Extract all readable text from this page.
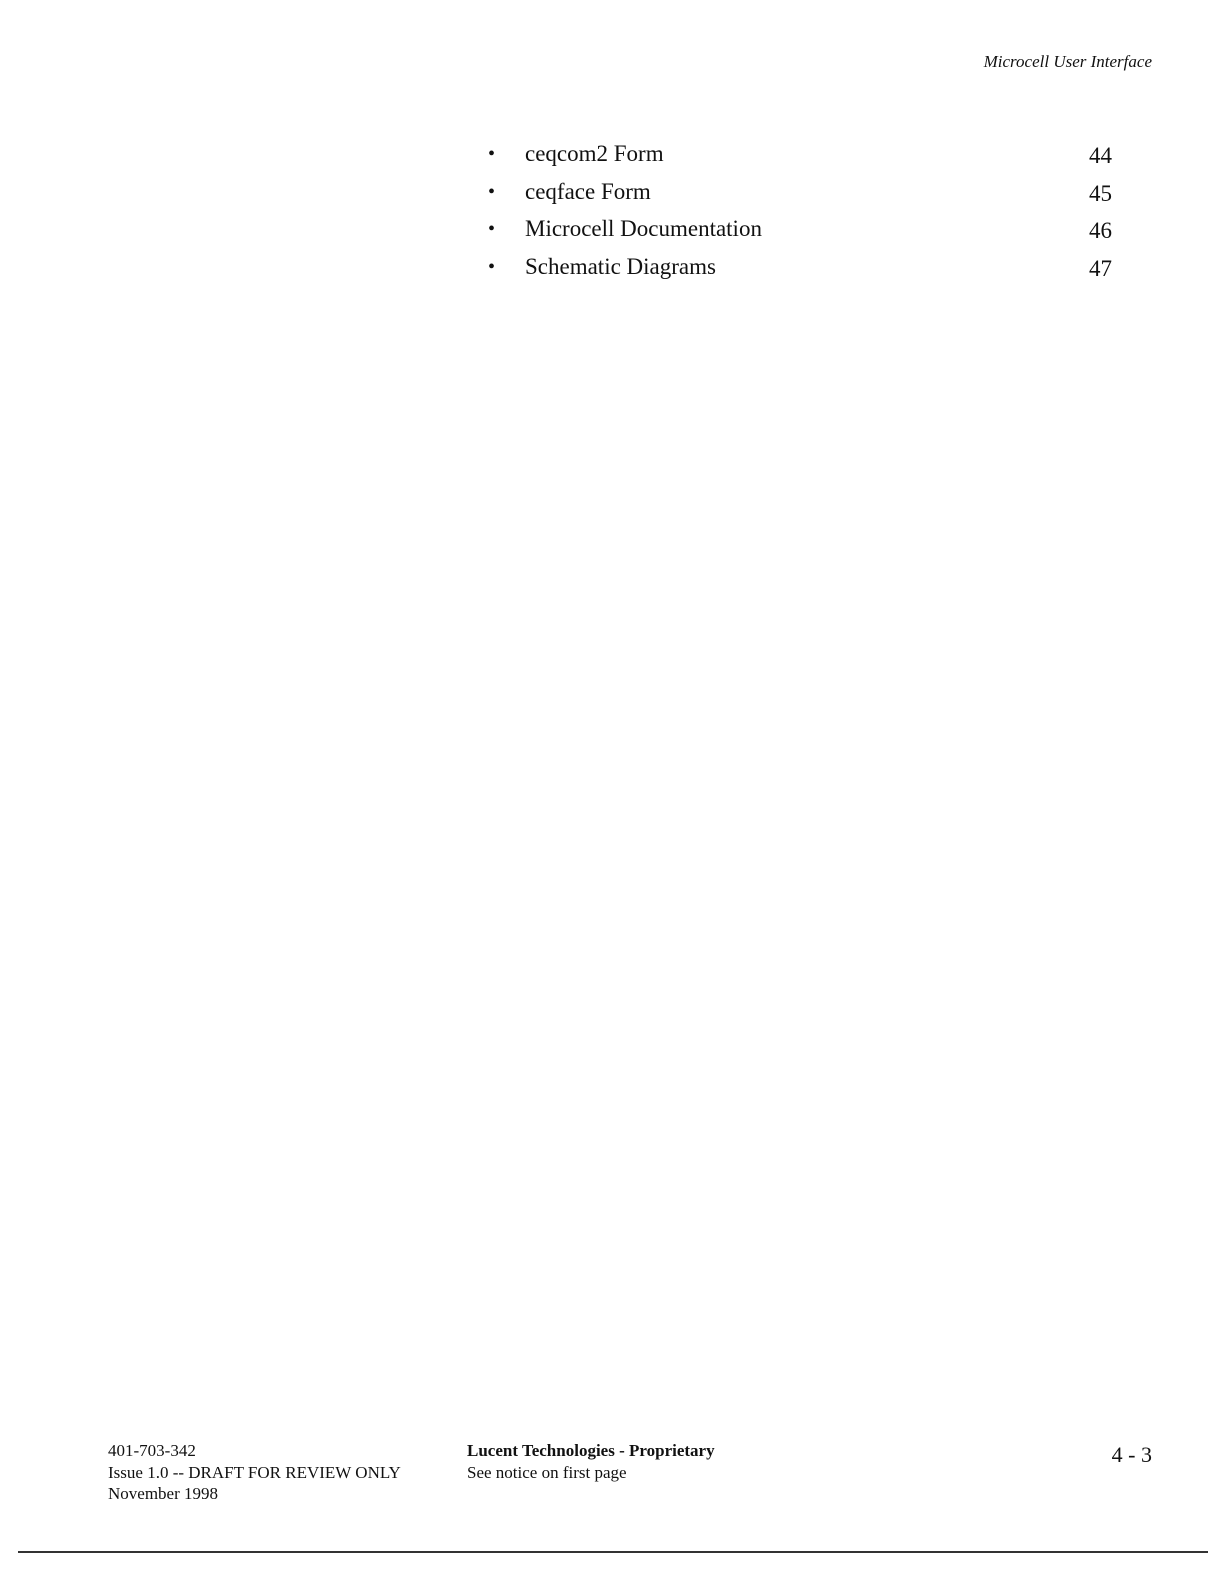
Microcell User Interface
• ceqcom2 Form	44
• ceqface Form	45
• Microcell Documentation	46
• Schematic Diagrams	47
401-703-342
Issue 1.0 -- DRAFT FOR REVIEW ONLY
November 1998
Lucent Technologies - Proprietary
See notice on first page
4 - 3
